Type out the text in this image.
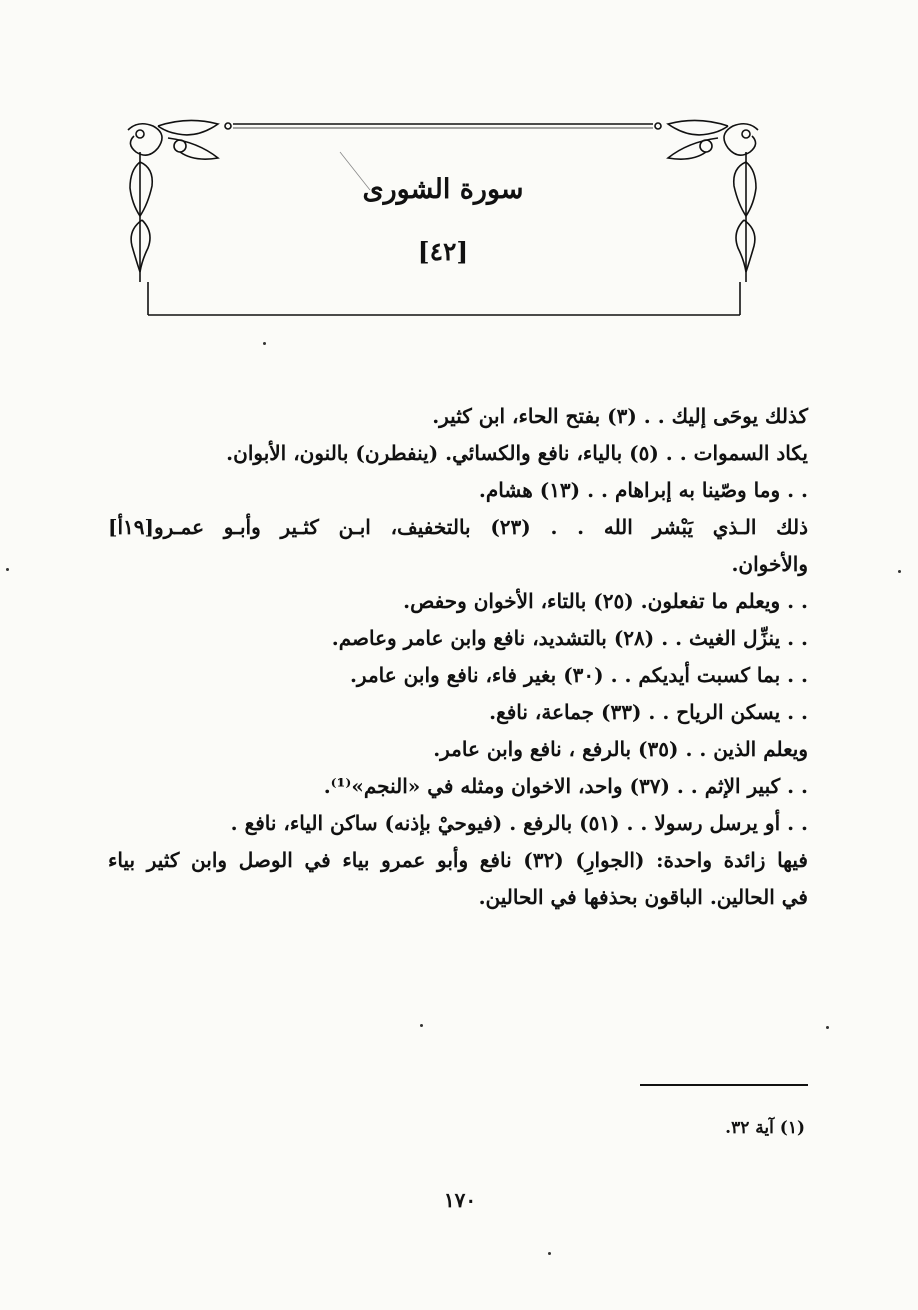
سورة الشورى
[٤٢]
كذلك يوحَى إليك . . (٣) بفتح الحاء، ابن كثير.
يكاد السموات . . (٥) بالياء، نافع والكسائي. (ينفطرن) بالنون، الأبوان.
. . وما وصّينا به إبراهام . . (١٣) هشام.
ذلك الـذي يَبْشر الله . . (٢٣) بالتخفيف، ابـن كثـير وأبـو عمـرو[١٩أ]
والأخوان.
. . ويعلم ما تفعلون. (٢٥) بالتاء، الأخوان وحفص.
. . ينزِّل الغيث . . (٢٨) بالتشديد، نافع وابن عامر وعاصم.
. . بما كسبت أيديكم . . (٣٠) بغير فاء، نافع وابن عامر.
. . يسكن الرياح . . (٣٣) جماعة، نافع.
ويعلم الذين . . (٣٥) بالرفع ، نافع وابن عامر.
. . كبير الإثم . . (٣٧) واحد، الاخوان ومثله في «النجم»⁽¹⁾.
. . أو يرسل رسولا . . (٥١) بالرفع . (فيوحيْ بإذنه) ساكن الياء، نافع .
فيها زائدة واحدة: (الجوارِ) (٣٢) نافع وأبو عمرو بياء في الوصل وابن كثير بياء
في الحالين. الباقون بحذفها في الحالين.
(١) آية ٣٢.
١٧٠
